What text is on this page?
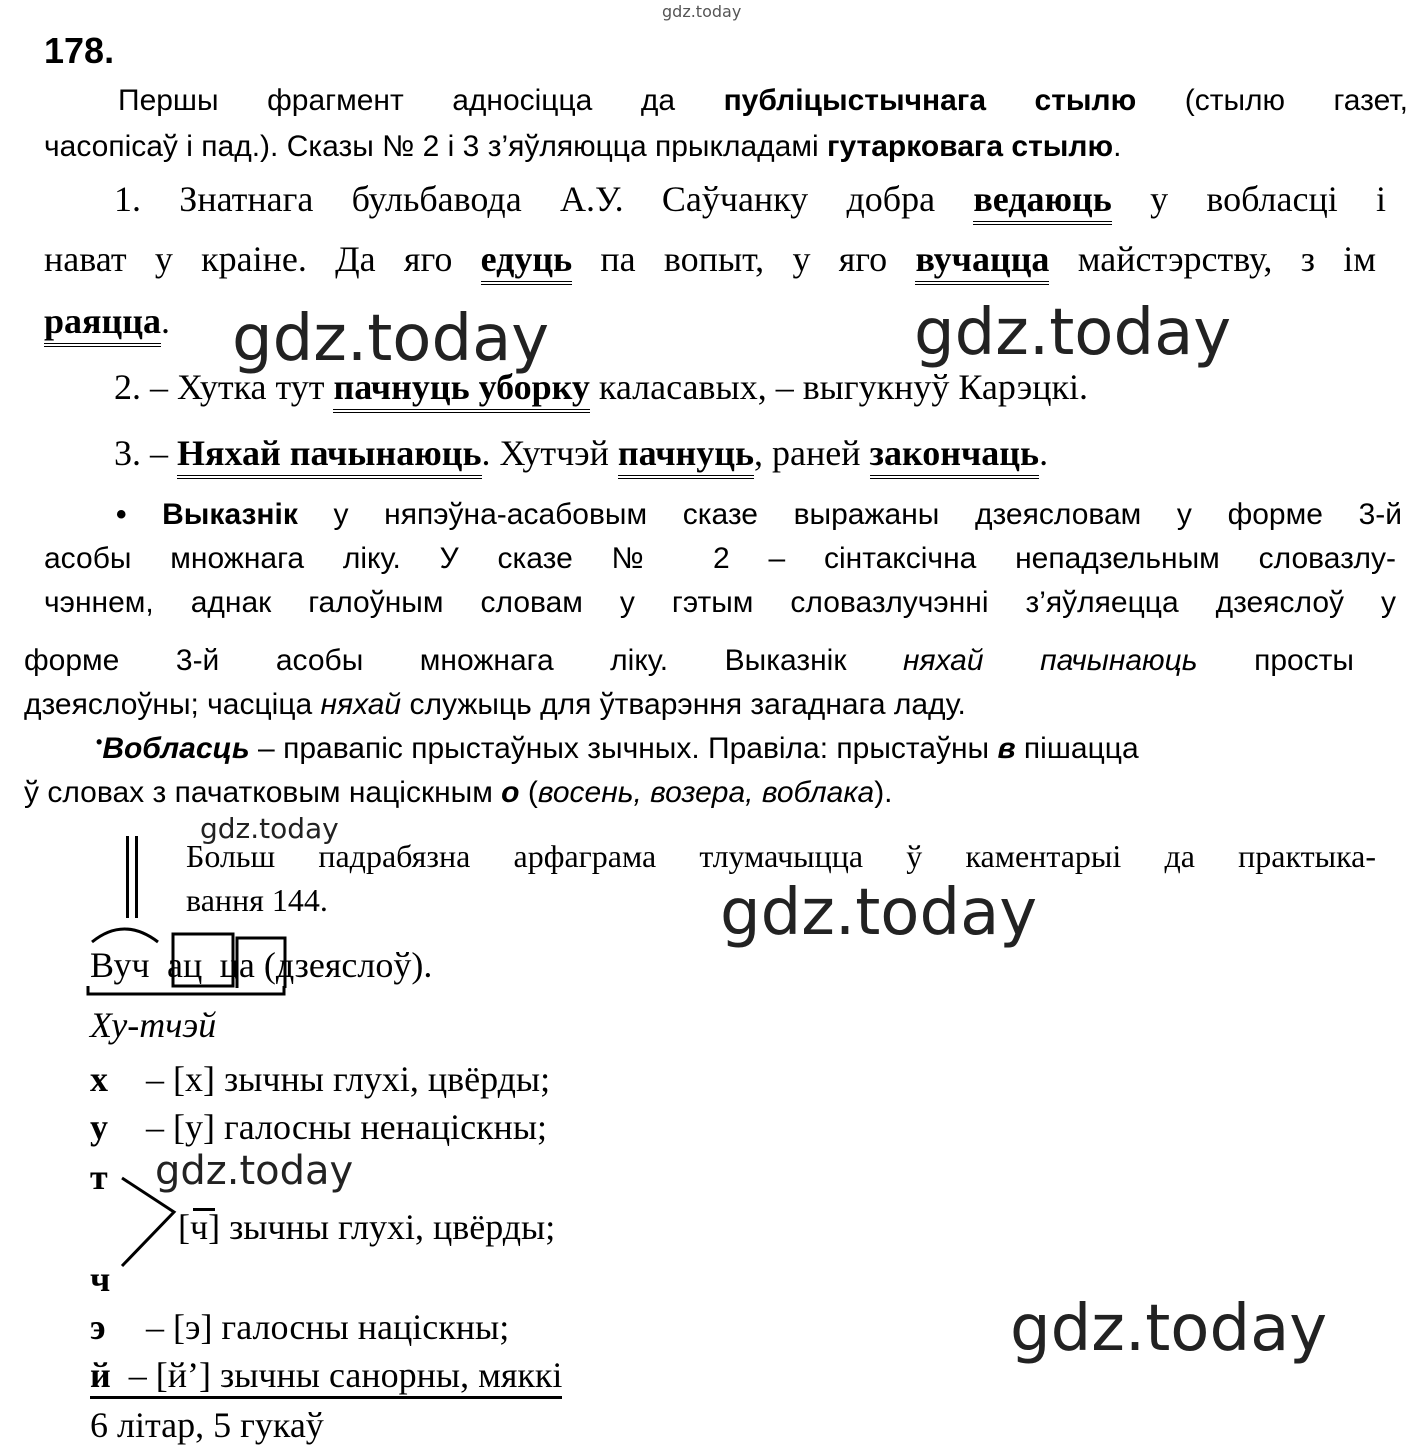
gdz.today
gdz.today	gdz.today
gdz.today
gdz.today
gdz.today
gdz.today
178.
Першы фрагмент адносіцца да публіцыстычнага стылю (стылю газет,
часопісаў і пад.). Сказы № 2 і 3 з’яўляюцца прыкладамі гутарковага стылю.
1. Знатнага бульбавода А.У. Саўчанку добра ведаюць у вобласці і
нават у краіне. Да яго едуць па вопыт, у яго вучацца майстэрству, з ім
раяцца.
2. – Хутка тут пачнуць уборку каласавых, – выгукнуў Карэцкі.
3. – Няхай пачынаюць. Хутчэй пачнуць, раней закончаць.
• Выказнік у няпэўна-асабовым сказе выражаны дзеясловам у форме 3-й
асобы множнага ліку. У сказе № 2 – сінтаксічна непадзельным словазлу-
чэннем, аднак галоўным словам у гэтым словазлучэнні з’яўляецца дзеяслоў у
форме 3-й асобы множнага ліку. Выказнік няхай пачынаюць просты
дзеяслоўны; часціца няхай служыць для ўтварэння загаднага ладу.
•Вобласць – правапіс прыстаўных зычных. Правіла: прыстаўны в пішацца
ў словах з пачатковым націскным о (восень, возера, воблака).
Больш падрабязна арфаграма тлумачыцца ў каментарыі да практыка-
вання 144.
Вуч ац ца (дзеяслоў).
Ху-тчэй
х – [х] зычны глухі, цвёрды;
у – [у] галосны ненаціскны;
т
[ч] зычны глухі, цвёрды;
ч
э – [э] галосны націскны;
й  – [й’] зычны санорны, мяккі
6 літар, 5 гукаў
